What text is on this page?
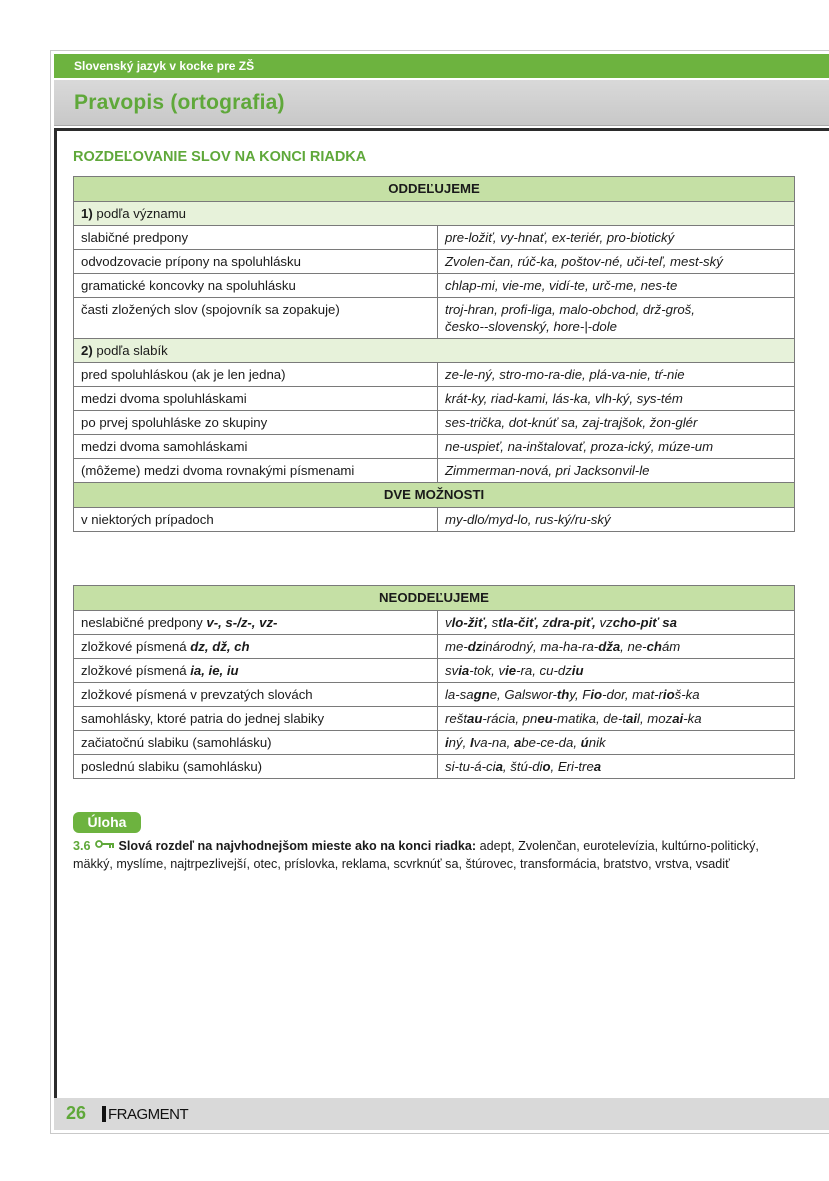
Slovenský jazyk v kocke pre ZŠ
Pravopis (ortografia)
ROZDEĽOVANIE SLOV NA KONCI RIADKA
ODDEĽUJEME	
1) podľa významu	
slabičné predpony	pre-ložiť, vy-hnať, ex-teriér, pro-biotický
odvodzovacie prípony na spoluhlásku	Zvolen-čan, rúč-ka, poštov-né, uči-teľ, mest-ský
gramatické koncovky na spoluhlásku	chlap-mi, vie-me, vidí-te, urč-me, nes-te
časti zložených slov (spojovník sa zopakuje)	troj-hran, profi-liga, malo-obchod, drž-groš,
česko--slovenský, hore-|-dole
2) podľa slabík	
pred spoluhláskou (ak je len jedna)	ze-le-ný, stro-mo-ra-die, plá-va-nie, tŕ-nie
medzi dvoma spoluhláskami	krát-ky, riad-kami, lás-ka, vlh-ký, sys-tém
po prvej spoluhláske zo skupiny	ses-trička, dot-knúť sa, zaj-trajšok, žon-glér
medzi dvoma samohláskami	ne-uspieť, na-inštalovať, proza-ický, múze-um
(môžeme) medzi dvoma rovnakými písmenami	Zimmerman-nová, pri Jacksonvil-le
DVE MOŽNOSTI	
v niektorých prípadoch	my-dlo/myd-lo, rus-ký/ru-ský
NEODDEĽUJEME	
neslabičné predpony v-, s-/z-, vz-	vlo-žiť, stla-čiť, zdra-piť, vzcho-piť sa
zložkové písmená dz, dž, ch	me-dzinárodný, ma-ha-ra-dža, ne-chám
zložkové písmená ia, ie, iu	svia-tok, vie-ra, cu-dziu
zložkové písmená v prevzatých slovách	la-sagne, Galswor-thy, Fio-dor, mat-rioš-ka
samohlásky, ktoré patria do jednej slabiky	reštau-rácia, pneu-matika, de-tail, mozai-ka
začiatočnú slabiku (samohlásku)	iný, Iva-na, abe-ce-da, únik
poslednú slabiku (samohlásku)	si-tu-á-cia, štú-dio, Eri-trea
Úloha
3.6 Slová rozdeľ na najvhodnejšom mieste ako na konci riadka: adept, Zvolenčan, eurotelevízia, kultúrno-politický, mäkký, myslíme, najtrpezlivejší, otec, príslovka, reklama, scvrknúť sa, štúrovec, transformácia, bratstvo, vrstva, vsadiť
26 FRAGMENT
